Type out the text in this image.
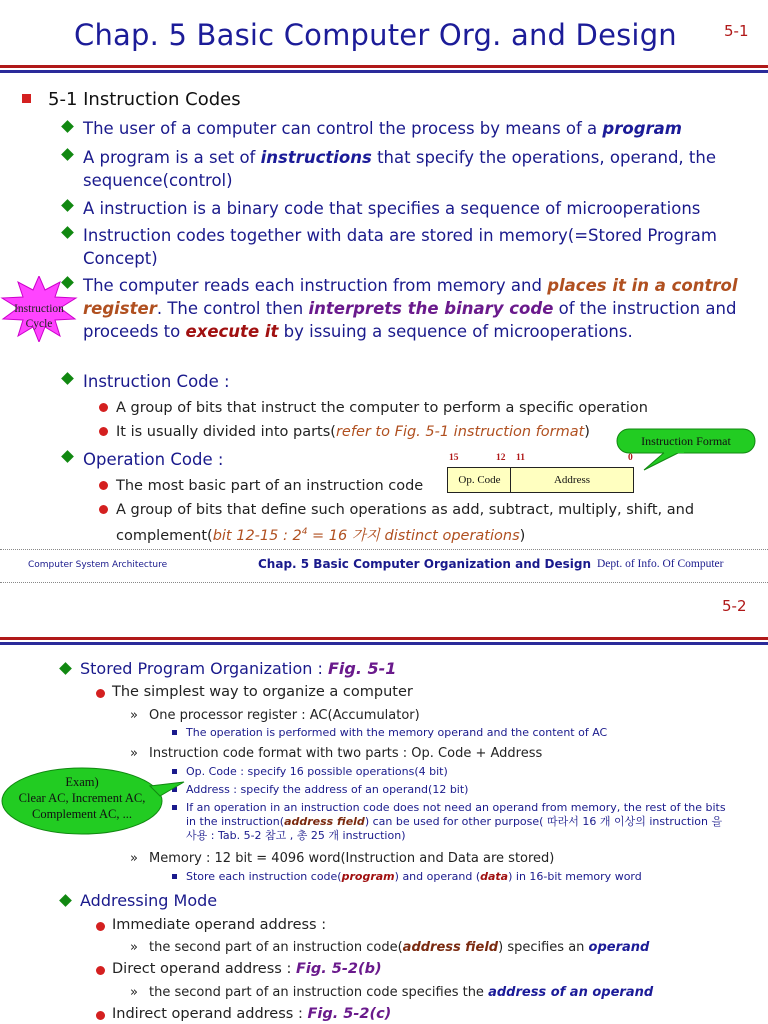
Chap. 5 Basic Computer Org. and Design	5-1
5-1 Instruction Codes
The user of a computer can control the process by means of a program
A program is a set of instructions that specify the operations, operand, the sequence(control)
A instruction is a binary code that specifies a sequence of microoperations
Instruction codes together with data are stored in memory(=Stored Program Concept)
The computer reads each instruction from memory and places it in a control register. The control then interprets the binary code of the instruction and proceeds to execute it by issuing a sequence of microoperations.
Instruction Cycle
Instruction Code :
A group of bits that instruct the computer to perform a specific operation
It is usually divided into parts(refer to Fig. 5-1 instruction format)
Instruction Format
Operation Code :
The most basic part of an instruction code
A group of bits that define such operations as add, subtract, multiply, shift, and complement(bit 12-15 : $2^4 = 16$ 가지 distinct operations)
15	12 11	0
Op. Code	Address
Computer System Architecture	Chap. 5 Basic Computer Organization and Design Dept. of Info. Of Computer
5-2
Stored Program Organization : Fig. 5-1
The simplest way to organize a computer
» One processor register : AC(Accumulator)
The operation is performed with the memory operand and the content of AC
» Instruction code format with two parts : Op. Code + Address
Op. Code : specify 16 possible operations(4 bit)
Address : specify the address of an operand(12 bit)
If an operation in an instruction code does not need an operand from memory, the rest of the bits in the instruction(address field) can be used for other purpose( 따라서 16 개 이상의 instruction 을 사용 : Tab. 5-2 참고 , 총 25 개 instruction)
» Memory : 12 bit = 4096 word(Instruction and Data are stored)
Store each instruction code(program) and operand (data) in 16-bit memory word
Exam)
Clear AC, Increment AC,
Complement AC, ...
Addressing Mode
Immediate operand address :
» the second part of an instruction code(address field) specifies an operand
Direct operand address : Fig. 5-2(b)
» the second part of an instruction code specifies the address of an operand
Indirect operand address : Fig. 5-2(c)
